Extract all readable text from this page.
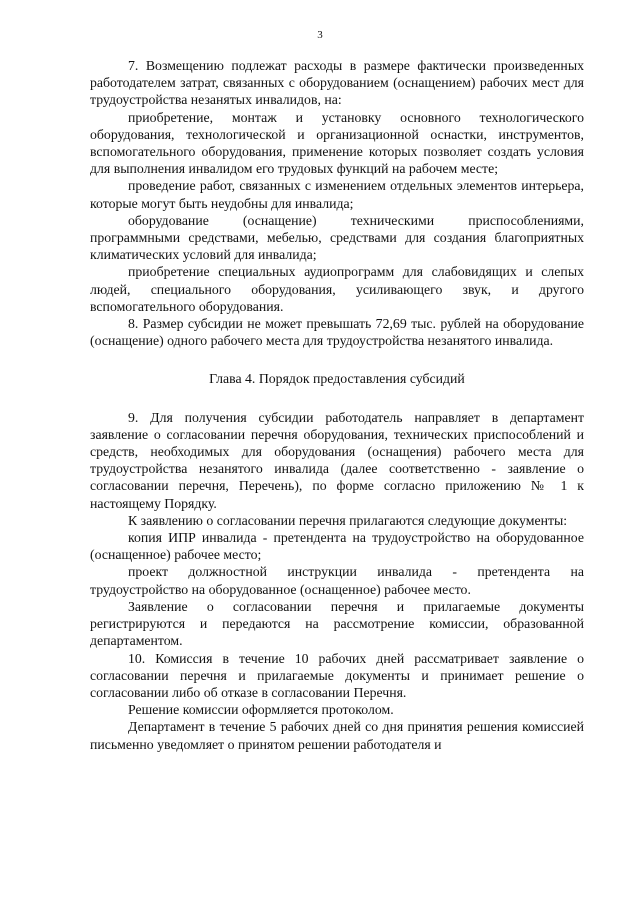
3

7. Возмещению подлежат расходы в размере фактически произведенных работодателем затрат, связанных с оборудованием (оснащением) рабочих мест для трудоустройства незанятых инвалидов, на:

приобретение, монтаж и установку основного технологического оборудования, технологической и организационной оснастки, инструментов, вспомогательного оборудования, применение которых позволяет создать условия для выполнения инвалидом его трудовых функций на рабочем месте;

проведение работ, связанных с изменением отдельных элементов интерьера, которые могут быть неудобны для инвалида;

оборудование (оснащение) техническими приспособлениями, программными средствами, мебелью, средствами для создания благоприятных климатических условий для инвалида;

приобретение специальных аудиопрограмм для слабовидящих и слепых людей, специального оборудования, усиливающего звук, и другого вспомогательного оборудования.

8. Размер субсидии не может превышать 72,69 тыс. рублей на оборудование (оснащение) одного рабочего места для трудоустройства незанятого инвалида.

Глава 4. Порядок предоставления субсидий

9. Для получения субсидии работодатель направляет в департамент заявление о согласовании перечня оборудования, технических приспособлений и средств, необходимых для оборудования (оснащения) рабочего места для трудоустройства незанятого инвалида (далее соответственно - заявление о согласовании перечня, Перечень), по форме согласно приложению № 1 к настоящему Порядку.

К заявлению о согласовании перечня прилагаются следующие документы:

копия ИПР инвалида - претендента на трудоустройство на оборудованное (оснащенное) рабочее место;

проект должностной инструкции инвалида - претендента на трудоустройство на оборудованное (оснащенное) рабочее место.

Заявление о согласовании перечня и прилагаемые документы регистрируются и передаются на рассмотрение комиссии, образованной департаментом.

10. Комиссия в течение 10 рабочих дней рассматривает заявление о согласовании перечня и прилагаемые документы и принимает решение о согласовании либо об отказе в согласовании Перечня.

Решение комиссии оформляется протоколом.

Департамент в течение 5 рабочих дней со дня принятия решения комиссией письменно уведомляет о принятом решении работодателя и
